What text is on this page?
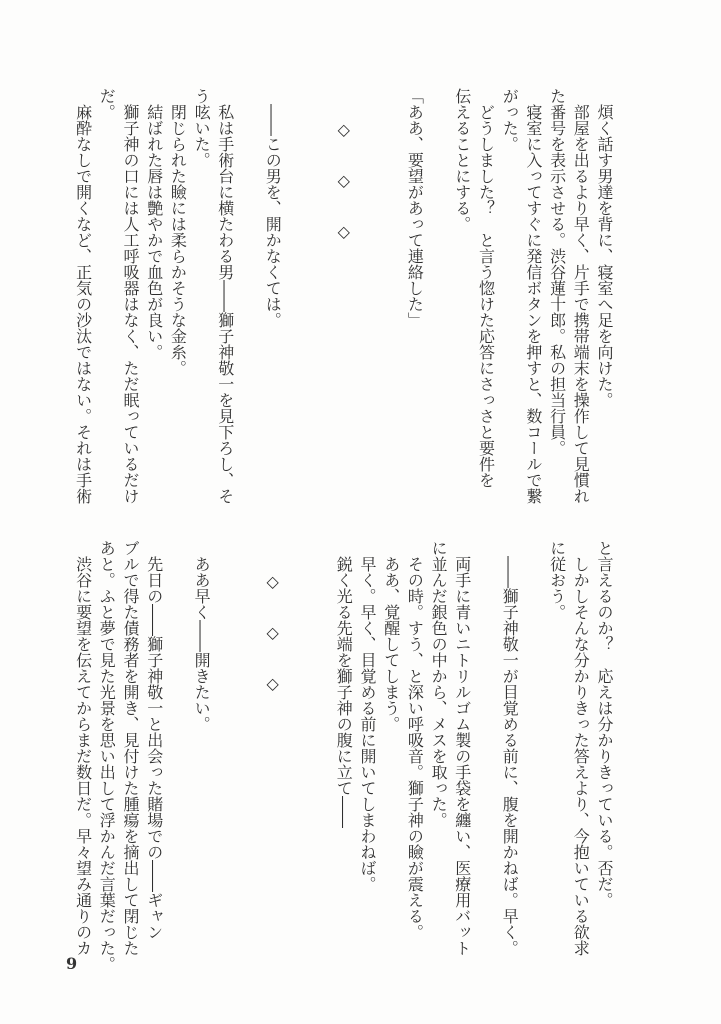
　煩く話す男達を背に、寝室へ足を向けた。
　部屋を出るより早く、片手で携帯端末を操作して見慣れ
た番号を表示させる。渋谷蓮十郎。私の担当行員。
　寝室に入ってすぐに発信ボタンを押すと、数コールで繋
がった。
　どうしました？　と言う惚けた応答にさっさと要件を
伝えることにする。
「ああ、要望があって連絡した」
　　◇　　◇　　◇
　――この男を、開かなくては。
　私は手術台に横たわる男――獅子神敬一を見下ろし、そ
う呟いた。
　閉じられた瞼には柔らかそうな金糸。
　結ばれた唇は艶やかで血色が良い。
　獅子神の口には人工呼吸器はなく、ただ眠っているだけ
だ。
　麻酔なしで開くなど、正気の沙汰ではない。それは手術
と言えるのか？　応えは分かりきっている。否だ。
　しかしそんな分かりきった答えより、今抱いている欲求
に従おう。
　――獅子神敬一が目覚める前に、腹を開かねば。早く。
　両手に青いニトリルゴム製の手袋を纏い、医療用バット
に並んだ銀色の中から、メスを取った。
　その時。すう、と深い呼吸音。獅子神の瞼が震える。
　ああ、覚醒してしまう。
　早く。早く、目覚める前に開いてしまわねば。
　鋭く光る先端を獅子神の腹に立て――
　　◇　　◇　　◇
　ああ早く――開きたい。
　先日の――獅子神敬一と出会った賭場での――ギャン
ブルで得た債務者を開き、見付けた腫瘍を摘出して閉じた
あと。ふと夢で見た光景を思い出して浮かんだ言葉だった。
　渋谷に要望を伝えてからまだ数日だ。早々望み通りのカ
9
